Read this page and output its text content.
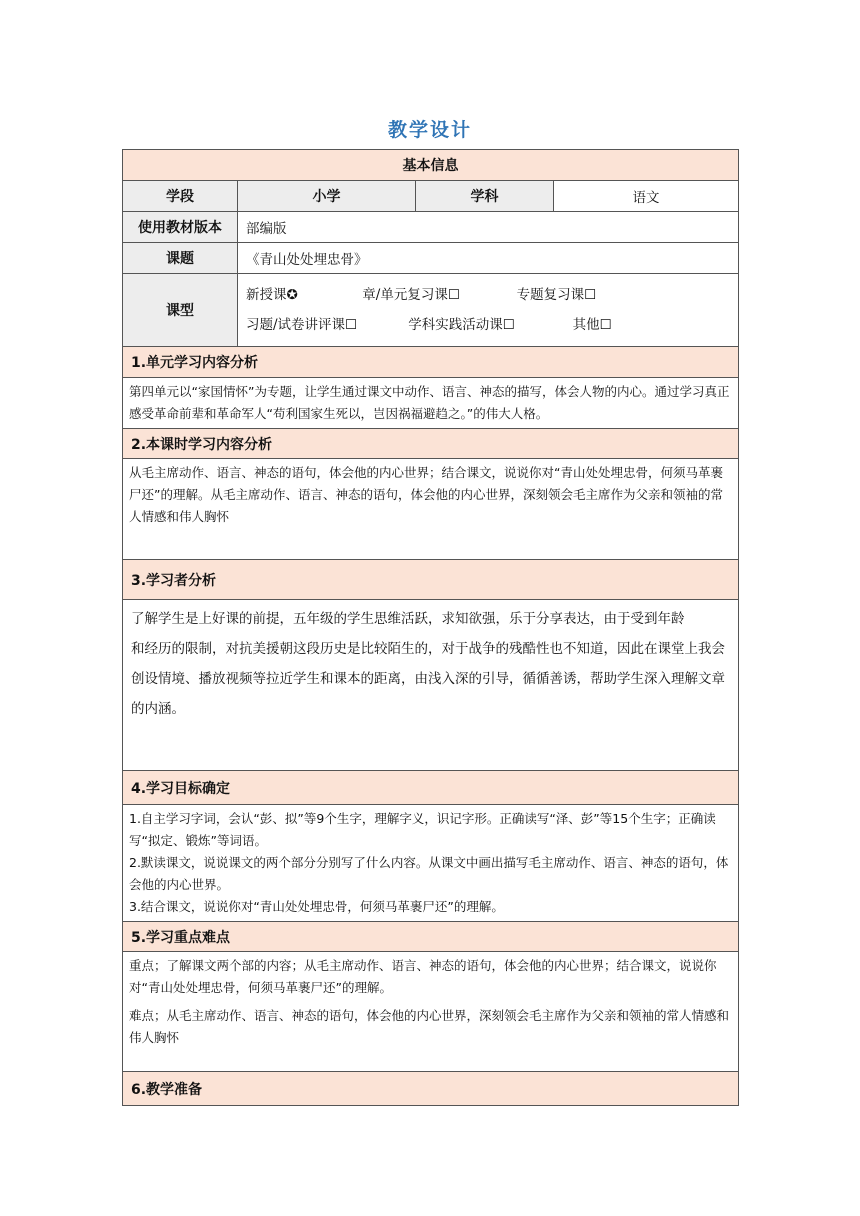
教学设计
基本信息			
学段	小学	学科	语文
使用教材版本	部编版		
课题	《青山处处埋忠骨》		
课型	新授课✪ 章/单元复习课☐ 专题复习课☐
习题/试卷讲评课☐ 学科实践活动课☐ 其他☐		

1.单元学习内容分析			
第四单元以“家国情怀”为专题，让学生通过课文中动作、语言、神态的描写，体会人物的内心。通过学习真正感受革命前辈和革命军人“苟利国家生死以，岂因祸福避趋之。”的伟大人格。			
2.本课时学习内容分析			
从毛主席动作、语言、神态的语句，体会他的内心世界；结合课文，说说你对“青山处处埋忠骨，何须马革裹尸还”的理解。从毛主席动作、语言、神态的语句，体会他的内心世界，深刻领会毛主席作为父亲和领袖的常人情感和伟人胸怀			
3.学习者分析			

了解学生是上好课的前提，五年级的学生思维活跃，求知欲强，乐于分享表达，由于受到年龄

和经历的限制，对抗美援朝这段历史是比较陌生的，对于战争的残酷性也不知道，因此在课堂上我会创设情境、播放视频等拉近学生和课本的距离，由浅入深的引导，循循善诱，帮助学生深入理解文章的内涵。			

4.学习目标确定			

1.自主学习字词，会认“彭、拟”等9个生字，理解字义，识记字形。正确读写“泽、彭”等15个生字；正确读写“拟定、锻炼”等词语。

2.默读课文，说说课文的两个部分分别写了什么内容。从课文中画出描写毛主席动作、语言、神态的语句，体会他的内心世界。

3.结合课文，说说你对“青山处处埋忠骨，何须马革裹尸还”的理解。			

5.学习重点难点			

重点；了解课文两个部的内容；从毛主席动作、语言、神态的语句，体会他的内心世界；结合课文，说说你对“青山处处埋忠骨，何须马革裹尸还”的理解。

难点；从毛主席动作、语言、神态的语句，体会他的内心世界，深刻领会毛主席作为父亲和领袖的常人情感和伟人胸怀			

6.教学准备			
